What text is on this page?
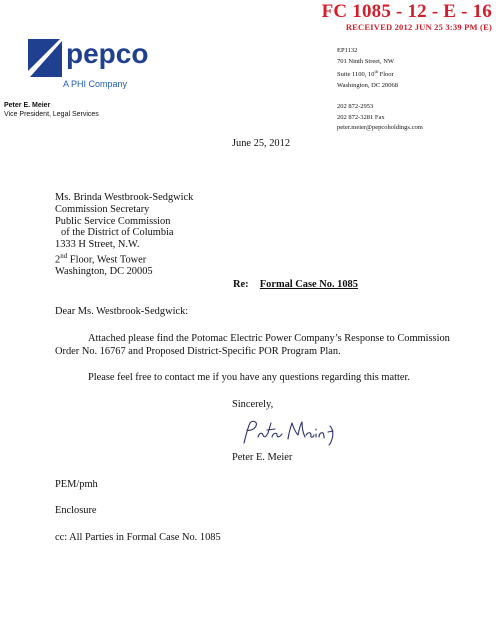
FC 1085 - 12 - E - 16
RECEIVED 2012 JUN 25 3:39 PM (E)
pepco
A PHI Company
Peter E. Meier
Vice President, Legal Services
EP1132
701 Ninth Street, NW
Suite 1100, 10th Floor
Washington, DC 20068
202 872-2953
202 872-3281 Fax
peter.meier@pepcoholdings.com
June 25, 2012
Ms. Brinda Westbrook-Sedgwick
Commission Secretary
Public Service Commission
of the District of Columbia
1333 H Street, N.W.
2nd Floor, West Tower
Washington, DC 20005
Re: Formal Case No. 1085
Dear Ms. Westbrook-Sedgwick:
Attached please find the Potomac Electric Power Company’s Response to Commission
Order No. 16767 and Proposed District-Specific POR Program Plan.
Please feel free to contact me if you have any questions regarding this matter.
Sincerely,
Peter E. Meier
PEM/pmh
Enclosure
cc: All Parties in Formal Case No. 1085
